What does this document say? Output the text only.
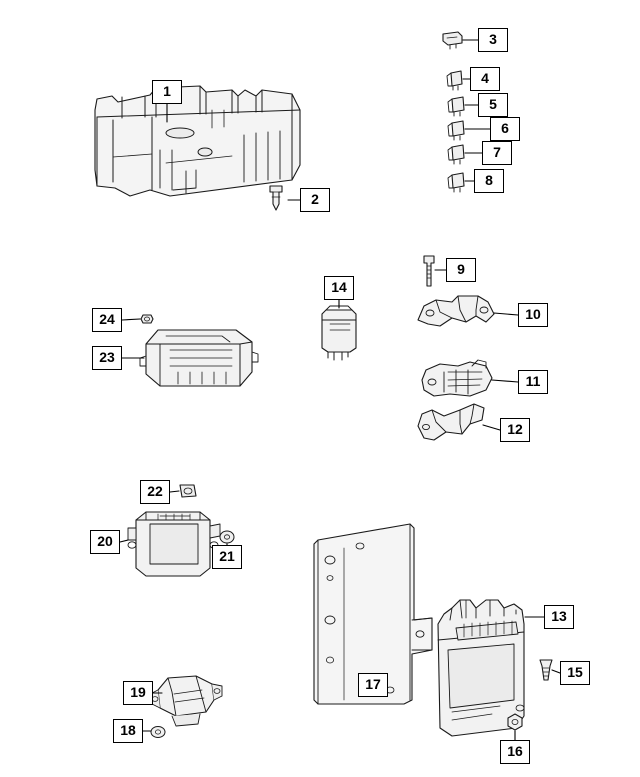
1
2
3
4
5
6
7
8
9
10
11
12
13
14
15
16
17
18
19
20
21
22
23
24
